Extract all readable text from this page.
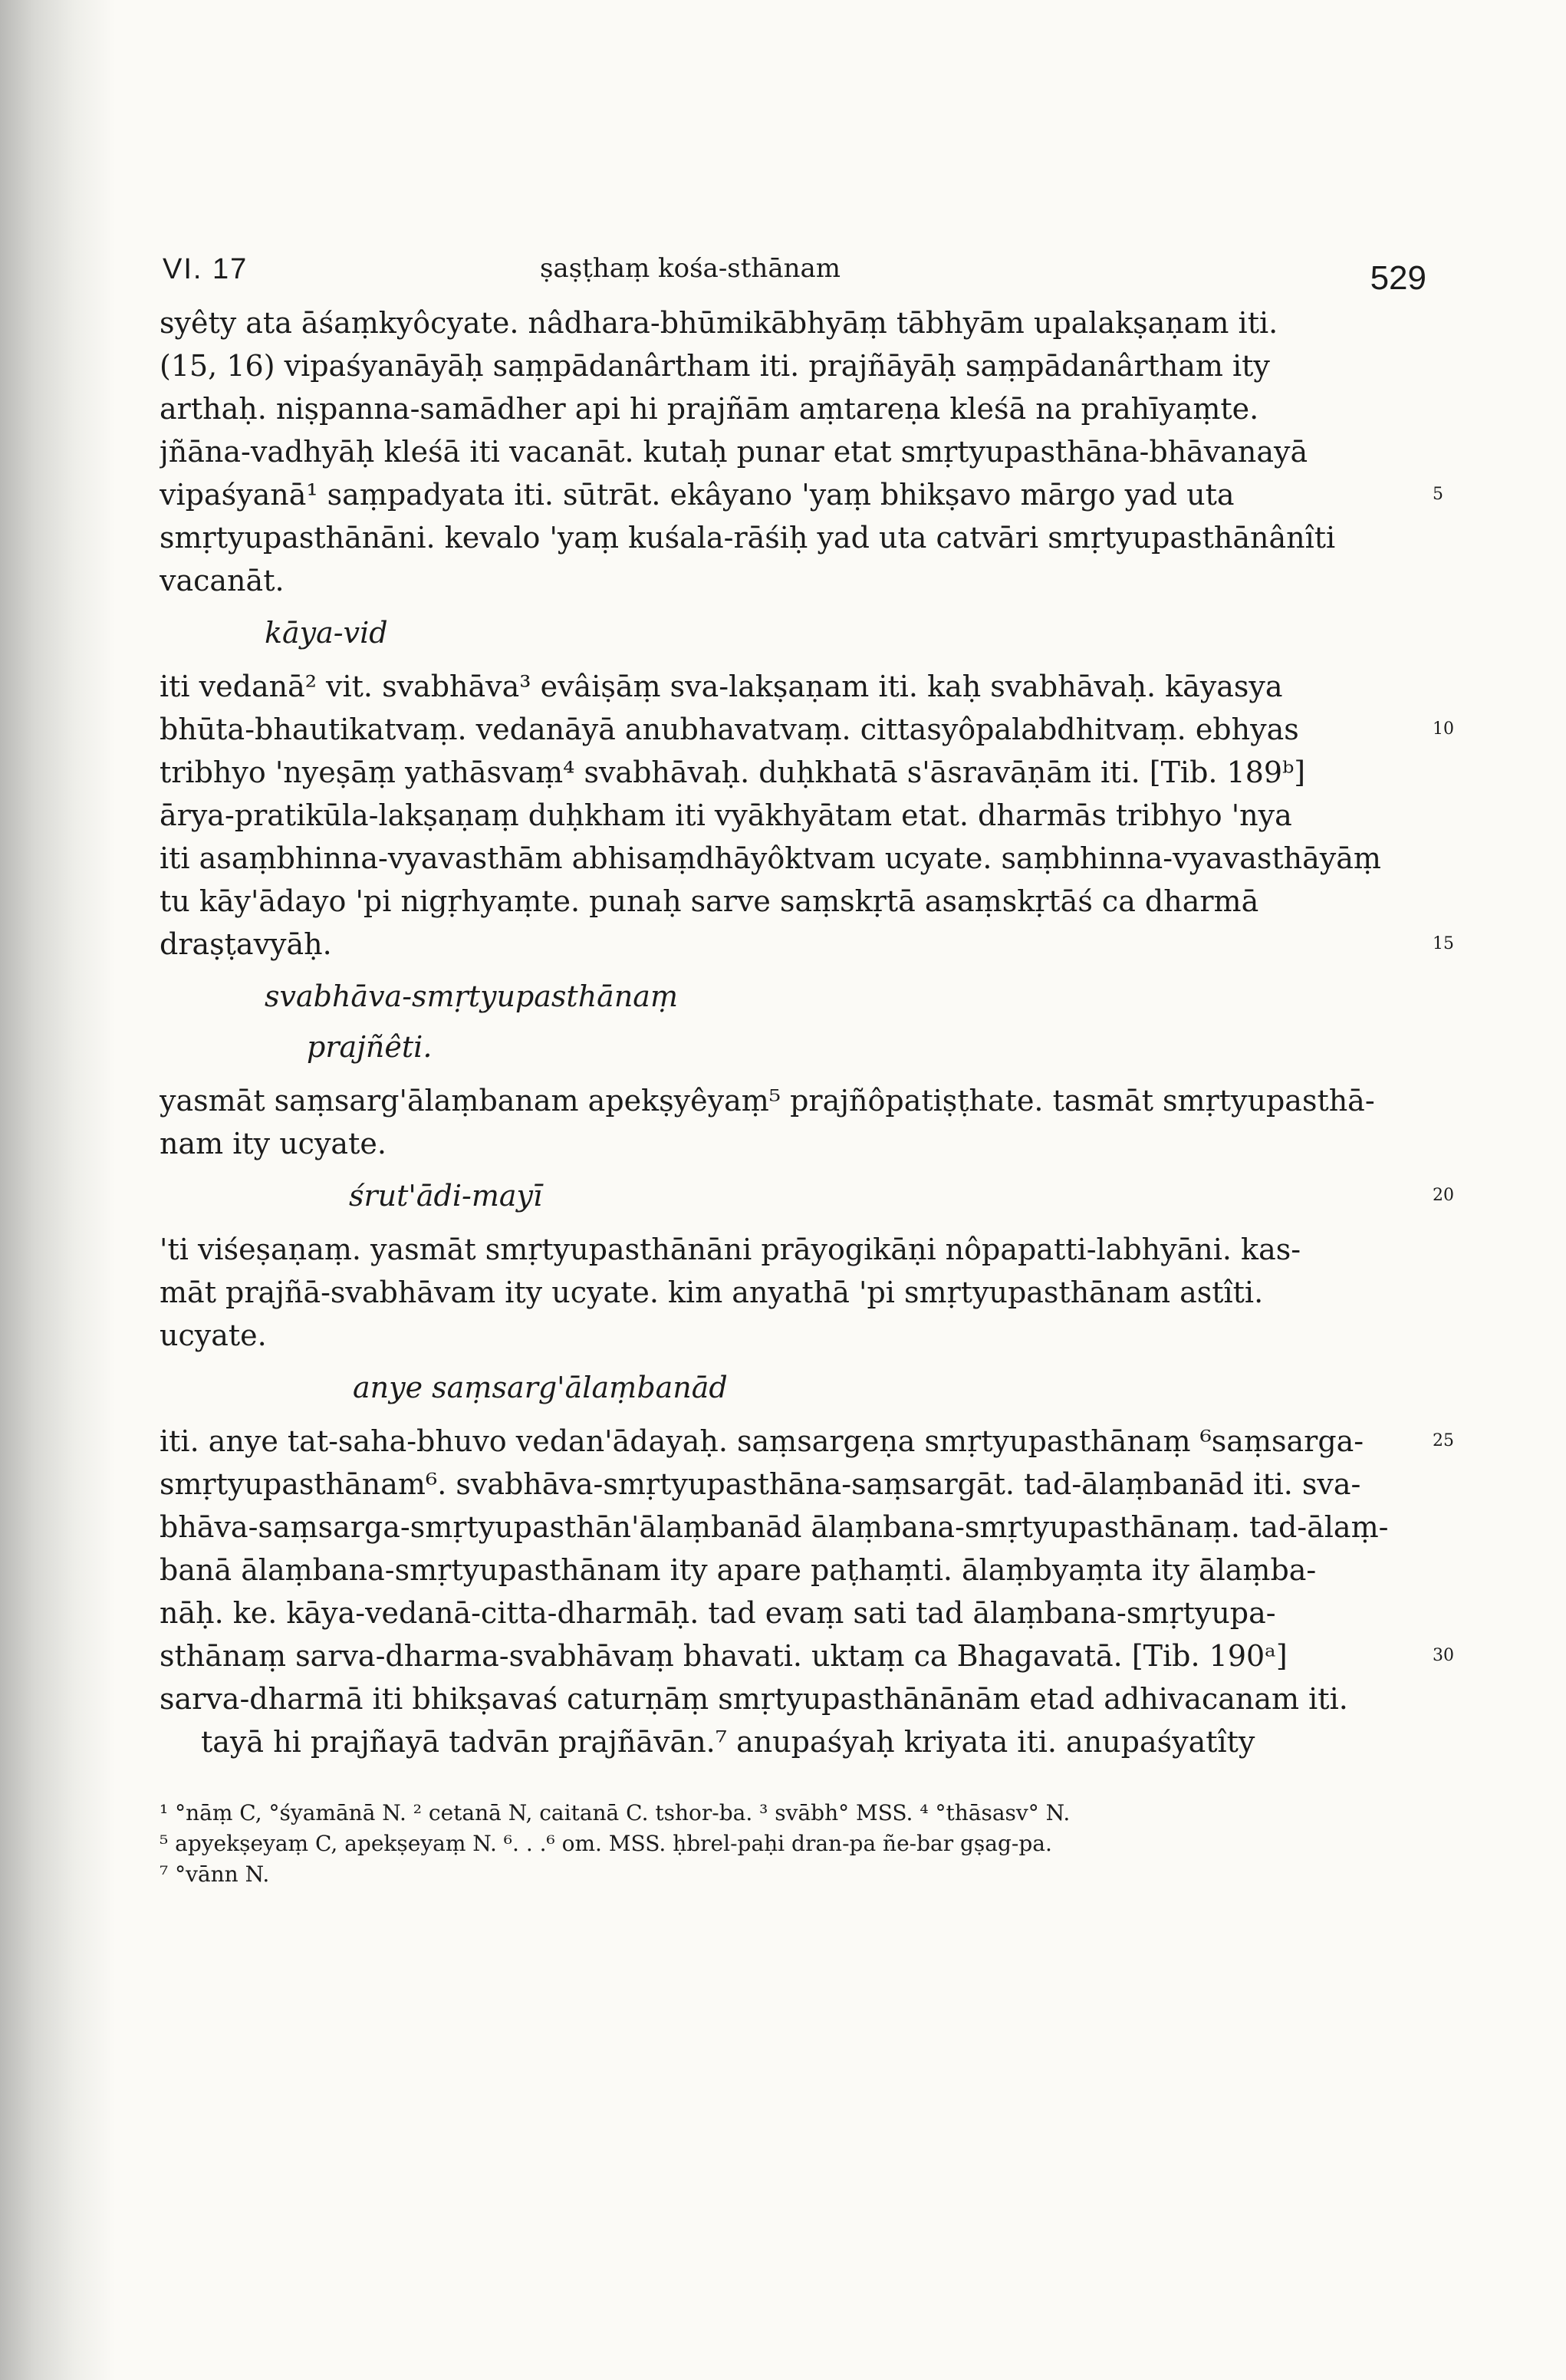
VI. 17	ṣaṣṭhaṃ kośa-sthānam	529
syêty ata āśaṃkyôcyate. nâdhara-bhūmikābhyāṃ tābhyām upalakṣaṇam iti.
(15, 16) vipaśyanāyāḥ saṃpādanârtham iti. prajñāyāḥ saṃpādanârtham ity
arthaḥ. niṣpanna-samādher api hi prajñām aṃtareṇa kleśā na prahīyaṃte.
jñāna-vadhyāḥ kleśā iti vacanāt. kutaḥ punar etat smṛtyupasthāna-bhāvanayā
vipaśyanā¹ saṃpadyata iti. sūtrāt. ekâyano 'yaṃ bhikṣavo mārgo yad uta
smṛtyupasthānāni. kevalo 'yaṃ kuśala-rāśiḥ yad uta catvāri smṛtyupasthānânîti
vacanāt.
kāya-vid
iti vedanā² vit. svabhāva³ evâiṣāṃ sva-lakṣaṇam iti. kaḥ svabhāvaḥ. kāyasya
bhūta-bhautikatvaṃ. vedanāyā anubhavatvaṃ. cittasyôpalabdhitvaṃ. ebhyas
tribhyo 'nyeṣāṃ yathāsvaṃ⁴ svabhāvaḥ. duḥkhatā s'āsravāṇām iti. [Tib. 189ᵇ]
ārya-pratikūla-lakṣaṇaṃ duḥkham iti vyākhyātam etat. dharmās tribhyo 'nya
iti asaṃbhinna-vyavasthām abhisaṃdhāyôktvam ucyate. saṃbhinna-vyavasthāyāṃ
tu kāy'ādayo 'pi nigṛhyaṃte. punaḥ sarve saṃskṛtā asaṃskṛtāś ca dharmā
draṣṭavyāḥ.
svabhāva-smṛtyupasthānaṃ
prajñêti.
yasmāt saṃsarg'ālaṃbanam apekṣyêyaṃ⁵ prajñôpatiṣṭhate. tasmāt smṛtyupasthā-
nam ity ucyate.
śrut'ādi-mayī
'ti viśeṣaṇaṃ. yasmāt smṛtyupasthānāni prāyogikāṇi nôpapatti-labhyāni. kas-
māt prajñā-svabhāvam ity ucyate. kim anyathā 'pi smṛtyupasthānam astîti.
ucyate.
anye saṃsarg'ālaṃbanād
iti. anye tat-saha-bhuvo vedan'ādayaḥ. saṃsargeṇa smṛtyupasthānaṃ ⁶saṃsarga-
smṛtyupasthānam⁶. svabhāva-smṛtyupasthāna-saṃsargāt. tad-ālaṃbanād iti. sva-
bhāva-saṃsarga-smṛtyupasthān'ālaṃbanād ālaṃbana-smṛtyupasthānaṃ. tad-ālaṃ-
banā ālaṃbana-smṛtyupasthānam ity apare paṭhaṃti. ālaṃbyaṃta ity ālaṃba-
nāḥ. ke. kāya-vedanā-citta-dharmāḥ. tad evaṃ sati tad ālaṃbana-smṛtyupa-
sthānaṃ sarva-dharma-svabhāvaṃ bhavati. uktaṃ ca Bhagavatā. [Tib. 190ᵃ]
sarva-dharmā iti bhikṣavaś caturṇāṃ smṛtyupasthānānām etad adhivacanam iti.
tayā hi prajñayā tadvān prajñāvān.⁷ anupaśyaḥ kriyata iti. anupaśyatîty
5
10
15
20
25
30
¹ °nāṃ C, °śyamānā N. ² cetanā N, caitanā C. tshor-ba. ³ svābh° MSS. ⁴ °thāsasv° N.
⁵ apyekṣeyaṃ C, apekṣeyaṃ N. ⁶. . .⁶ om. MSS. ḥbrel-paḥi dran-pa ñe-bar gṣag-pa.
⁷ °vānn N.
